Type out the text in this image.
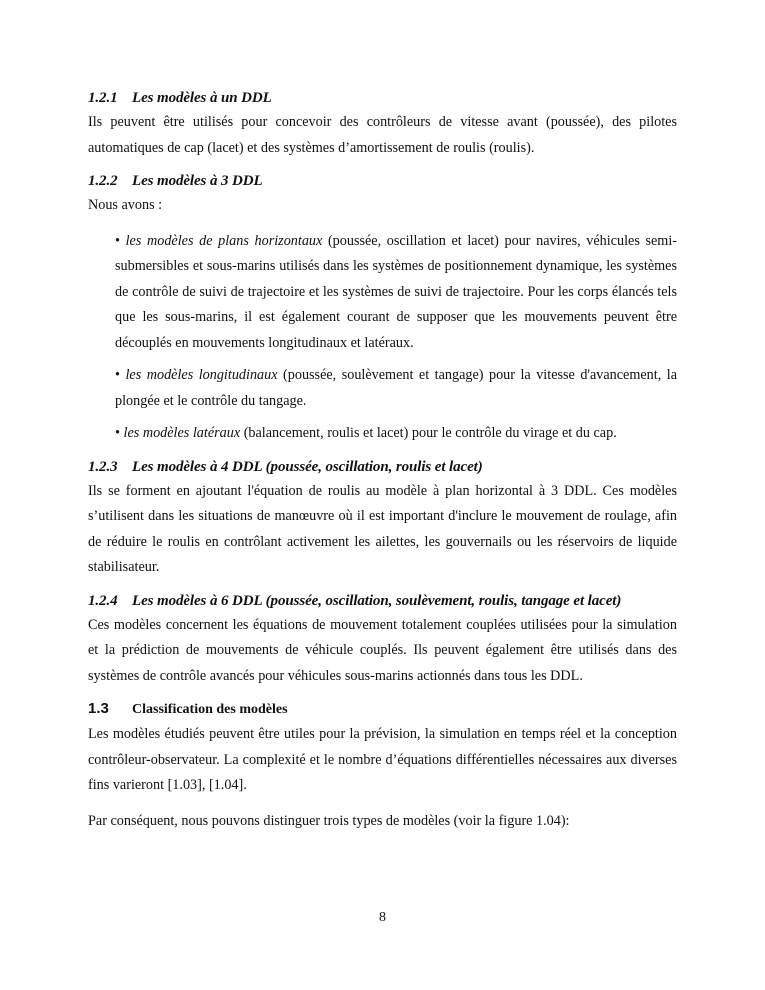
1.2.1 Les modèles à un DDL

Ils peuvent être utilisés pour concevoir des contrôleurs de vitesse avant (poussée), des pilotes automatiques de cap (lacet) et des systèmes d’amortissement de roulis (roulis).

1.2.2 Les modèles à 3 DDL

Nous avons :

• les modèles de plans horizontaux (poussée, oscillation et lacet) pour navires, véhicules semi-submersibles et sous-marins utilisés dans les systèmes de positionnement dynamique, les systèmes de contrôle de suivi de trajectoire et les systèmes de suivi de trajectoire. Pour les corps élancés tels que les sous-marins, il est également courant de supposer que les mouvements peuvent être découplés en mouvements longitudinaux et latéraux.

• les modèles longitudinaux (poussée, soulèvement et tangage) pour la vitesse d'avancement, la plongée et le contrôle du tangage.

• les modèles latéraux (balancement, roulis et lacet) pour le contrôle du virage et du cap.

1.2.3 Les modèles à 4 DDL (poussée, oscillation, roulis et lacet)

Ils se forment en ajoutant l'équation de roulis au modèle à plan horizontal à 3 DDL. Ces modèles s’utilisent dans les situations de manœuvre où il est important d'inclure le mouvement de roulage, afin de réduire le roulis en contrôlant activement les ailettes, les gouvernails ou les réservoirs de liquide stabilisateur.

1.2.4 Les modèles à 6 DDL (poussée, oscillation, soulèvement, roulis, tangage et lacet)

Ces modèles concernent les équations de mouvement totalement couplées utilisées pour la simulation et la prédiction de mouvements de véhicule couplés. Ils peuvent également être utilisés dans des systèmes de contrôle avancés pour véhicules sous-marins actionnés dans tous les DDL.

1.3 Classification des modèles

Les modèles étudiés peuvent être utiles pour la prévision, la simulation en temps réel et la conception contrôleur-observateur. La complexité et le nombre d’équations différentielles nécessaires aux diverses fins varieront [1.03], [1.04].

Par conséquent, nous pouvons distinguer trois types de modèles (voir la figure 1.04):

8
